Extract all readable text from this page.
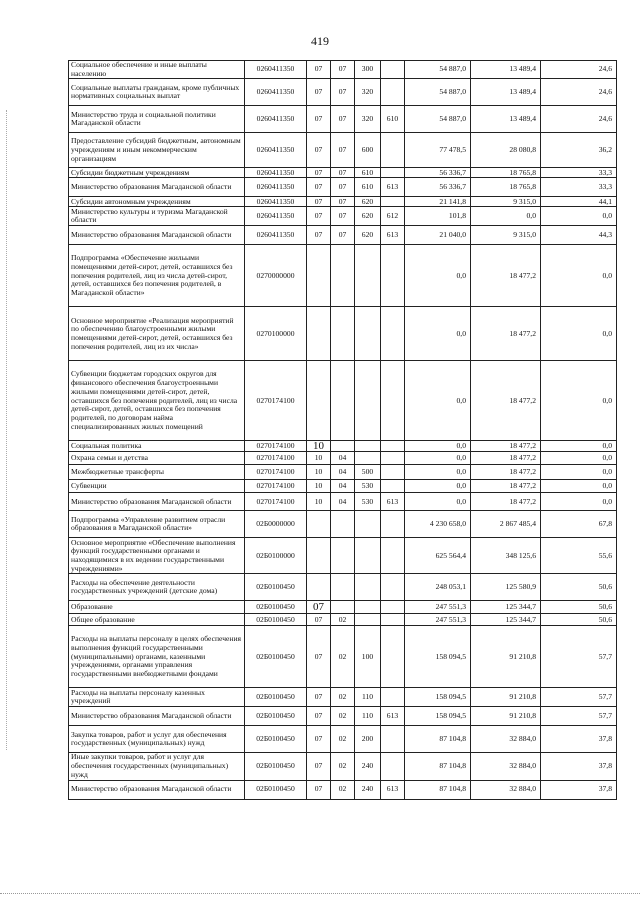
419
Социальное обеспечение и иные выплаты населению	0260411350	07	07	300		54 887,0	13 489,4	24,6
Социальные выплаты гражданам, кроме публичных нормативных социальных выплат	0260411350	07	07	320		54 887,0	13 489,4	24,6
Министерство труда и социальной политики Магаданской области	0260411350	07	07	320	610	54 887,0	13 489,4	24,6
Предоставление субсидий бюджетным, автономным учреждениям и иным некоммерческим организациям	0260411350	07	07	600		77 478,5	28 080,8	36,2
Субсидии бюджетным учреждениям	0260411350	07	07	610		56 336,7	18 765,8	33,3
Министерство образования Магаданской области	0260411350	07	07	610	613	56 336,7	18 765,8	33,3
Субсидии автономным учреждениям	0260411350	07	07	620		21 141,8	9 315,0	44,1
Министерство культуры и туризма Магаданской области	0260411350	07	07	620	612	101,8	0,0	0,0
Министерство образования Магаданской области	0260411350	07	07	620	613	21 040,0	9 315,0	44,3
Подпрограмма «Обеспечение жильыми помещениями детей-сирот, детей, оставшихся без попечения родителей, лиц из числа детей-сирот, детей, оставшихся без попечения родителей, в Магаданской области»	0270000000					0,0	18 477,2	0,0
Основное мероприятие «Реализация мероприятий по обеспечению благоустроенными жилыми помещениями детей-сирот, детей, оставшихся без попечения родителей, лиц из их числа»	0270100000					0,0	18 477,2	0,0
Субвенции бюджетам городских округов для финансового обеспечения благоустроенными жилыми помещениями детей-сирот, детей, оставшихся без попечения родителей, лиц из числа детей-сирот, детей, оставшихся без попечения родителей, по договорам найма специализированных жилых помещений	0270174100					0,0	18 477,2	0,0
Социальная политика	0270174100	10				0,0	18 477,2	0,0
Охрана семьи и детства	0270174100	10	04			0,0	18 477,2	0,0
Межбюджетные трансферты	0270174100	10	04	500		0,0	18 477,2	0,0
Субвенции	0270174100	10	04	530		0,0	18 477,2	0,0
Министерство образования Магаданской области	0270174100	10	04	530	613	0,0	18 477,2	0,0
Подпрограмма «Управление развитием отрасли образования в Магаданской области»	02Б0000000					4 230 658,0	2 867 485,4	67,8
Основное мероприятие «Обеспечение выполнения функций государственными органами и находящимися в их ведении государственными учреждениями»	02Б0100000					625 564,4	348 125,6	55,6
Расходы на обеспечение деятельности государственных учреждений (детские дома)	02Б0100450					248 053,1	125 580,9	50,6
Образование	02Б0100450	07				247 551,3	125 344,7	50,6
Общее образование	02Б0100450	07	02			247 551,3	125 344,7	50,6
Расходы на выплаты персоналу в целях обеспечения выполнения функций государственными (муниципальными) органами, казенными учреждениями, органами управления государственными внебюджетными фондами	02Б0100450	07	02	100		158 094,5	91 210,8	57,7
Расходы на выплаты персоналу казенных учреждений	02Б0100450	07	02	110		158 094,5	91 210,8	57,7
Министерство образования Магаданской области	02Б0100450	07	02	110	613	158 094,5	91 210,8	57,7
Закупка товаров, работ и услуг для обеспечения государственных (муниципальных) нужд	02Б0100450	07	02	200		87 104,8	32 884,0	37,8
Иные закупки товаров, работ и услуг для обеспечения государственных (муниципальных) нужд	02Б0100450	07	02	240		87 104,8	32 884,0	37,8
Министерство образования Магаданской области	02Б0100450	07	02	240	613	87 104,8	32 884,0	37,8
